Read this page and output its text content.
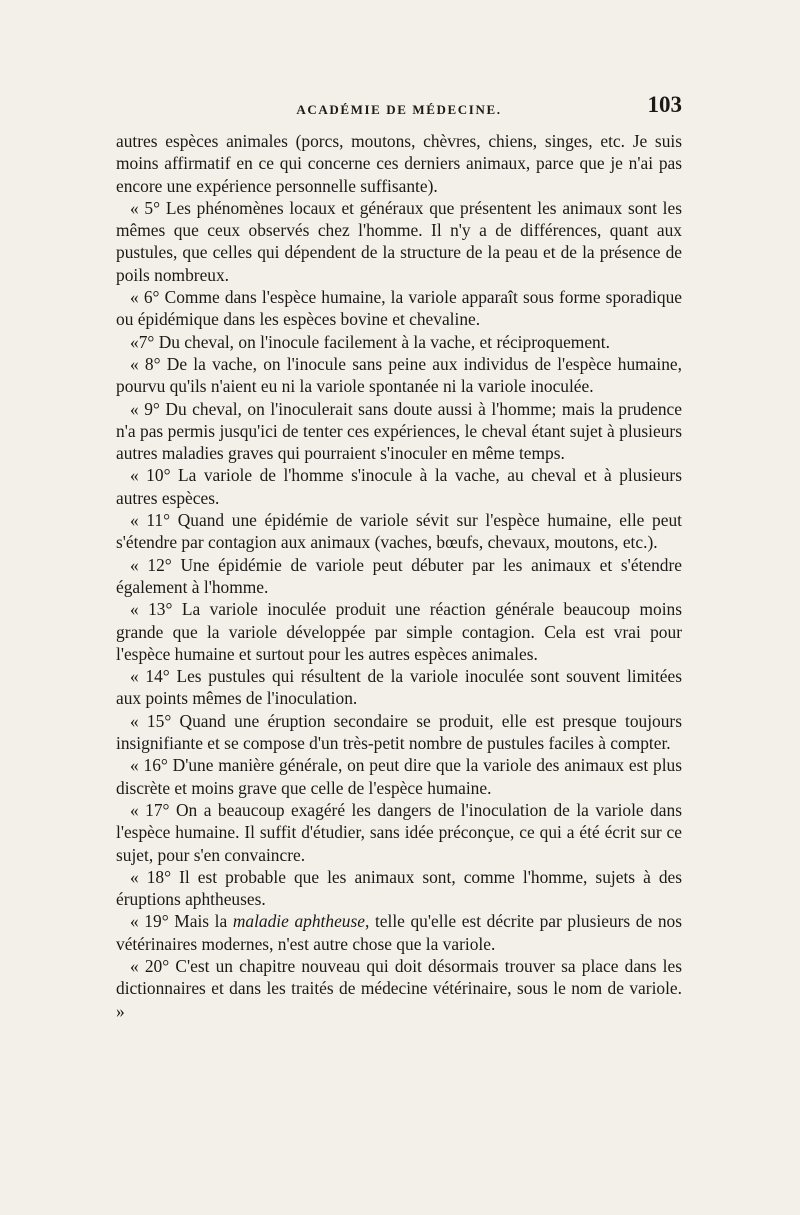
ACADÉMIE DE MÉDECINE.	103

autres espèces animales (porcs, moutons, chèvres, chiens, singes, etc. Je suis moins affirmatif en ce qui concerne ces derniers animaux, parce que je n'ai pas encore une expérience personnelle suffisante).

« 5° Les phénomènes locaux et généraux que présentent les animaux sont les mêmes que ceux observés chez l'homme. Il n'y a de différences, quant aux pustules, que celles qui dépendent de la structure de la peau et de la présence de poils nombreux.

« 6° Comme dans l'espèce humaine, la variole apparaît sous forme sporadique ou épidémique dans les espèces bovine et chevaline.

«7° Du cheval, on l'inocule facilement à la vache, et réciproquement.

« 8° De la vache, on l'inocule sans peine aux individus de l'espèce humaine, pourvu qu'ils n'aient eu ni la variole spontanée ni la variole inoculée.

« 9° Du cheval, on l'inoculerait sans doute aussi à l'homme; mais la prudence n'a pas permis jusqu'ici de tenter ces expériences, le cheval étant sujet à plusieurs autres maladies graves qui pourraient s'inoculer en même temps.

« 10° La variole de l'homme s'inocule à la vache, au cheval et à plusieurs autres espèces.

« 11° Quand une épidémie de variole sévit sur l'espèce humaine, elle peut s'étendre par contagion aux animaux (vaches, bœufs, chevaux, moutons, etc.).

« 12° Une épidémie de variole peut débuter par les animaux et s'étendre également à l'homme.

« 13° La variole inoculée produit une réaction générale beaucoup moins grande que la variole développée par simple contagion. Cela est vrai pour l'espèce humaine et surtout pour les autres espèces animales.

« 14° Les pustules qui résultent de la variole inoculée sont souvent limitées aux points mêmes de l'inoculation.

« 15° Quand une éruption secondaire se produit, elle est presque toujours insignifiante et se compose d'un très-petit nombre de pustules faciles à compter.

« 16° D'une manière générale, on peut dire que la variole des animaux est plus discrète et moins grave que celle de l'espèce humaine.

« 17° On a beaucoup exagéré les dangers de l'inoculation de la variole dans l'espèce humaine. Il suffit d'étudier, sans idée préconçue, ce qui a été écrit sur ce sujet, pour s'en convaincre.

« 18° Il est probable que les animaux sont, comme l'homme, sujets à des éruptions aphtheuses.

« 19° Mais la maladie aphtheuse, telle qu'elle est décrite par plusieurs de nos vétérinaires modernes, n'est autre chose que la variole.

« 20° C'est un chapitre nouveau qui doit désormais trouver sa place dans les dictionnaires et dans les traités de médecine vétérinaire, sous le nom de variole. »
